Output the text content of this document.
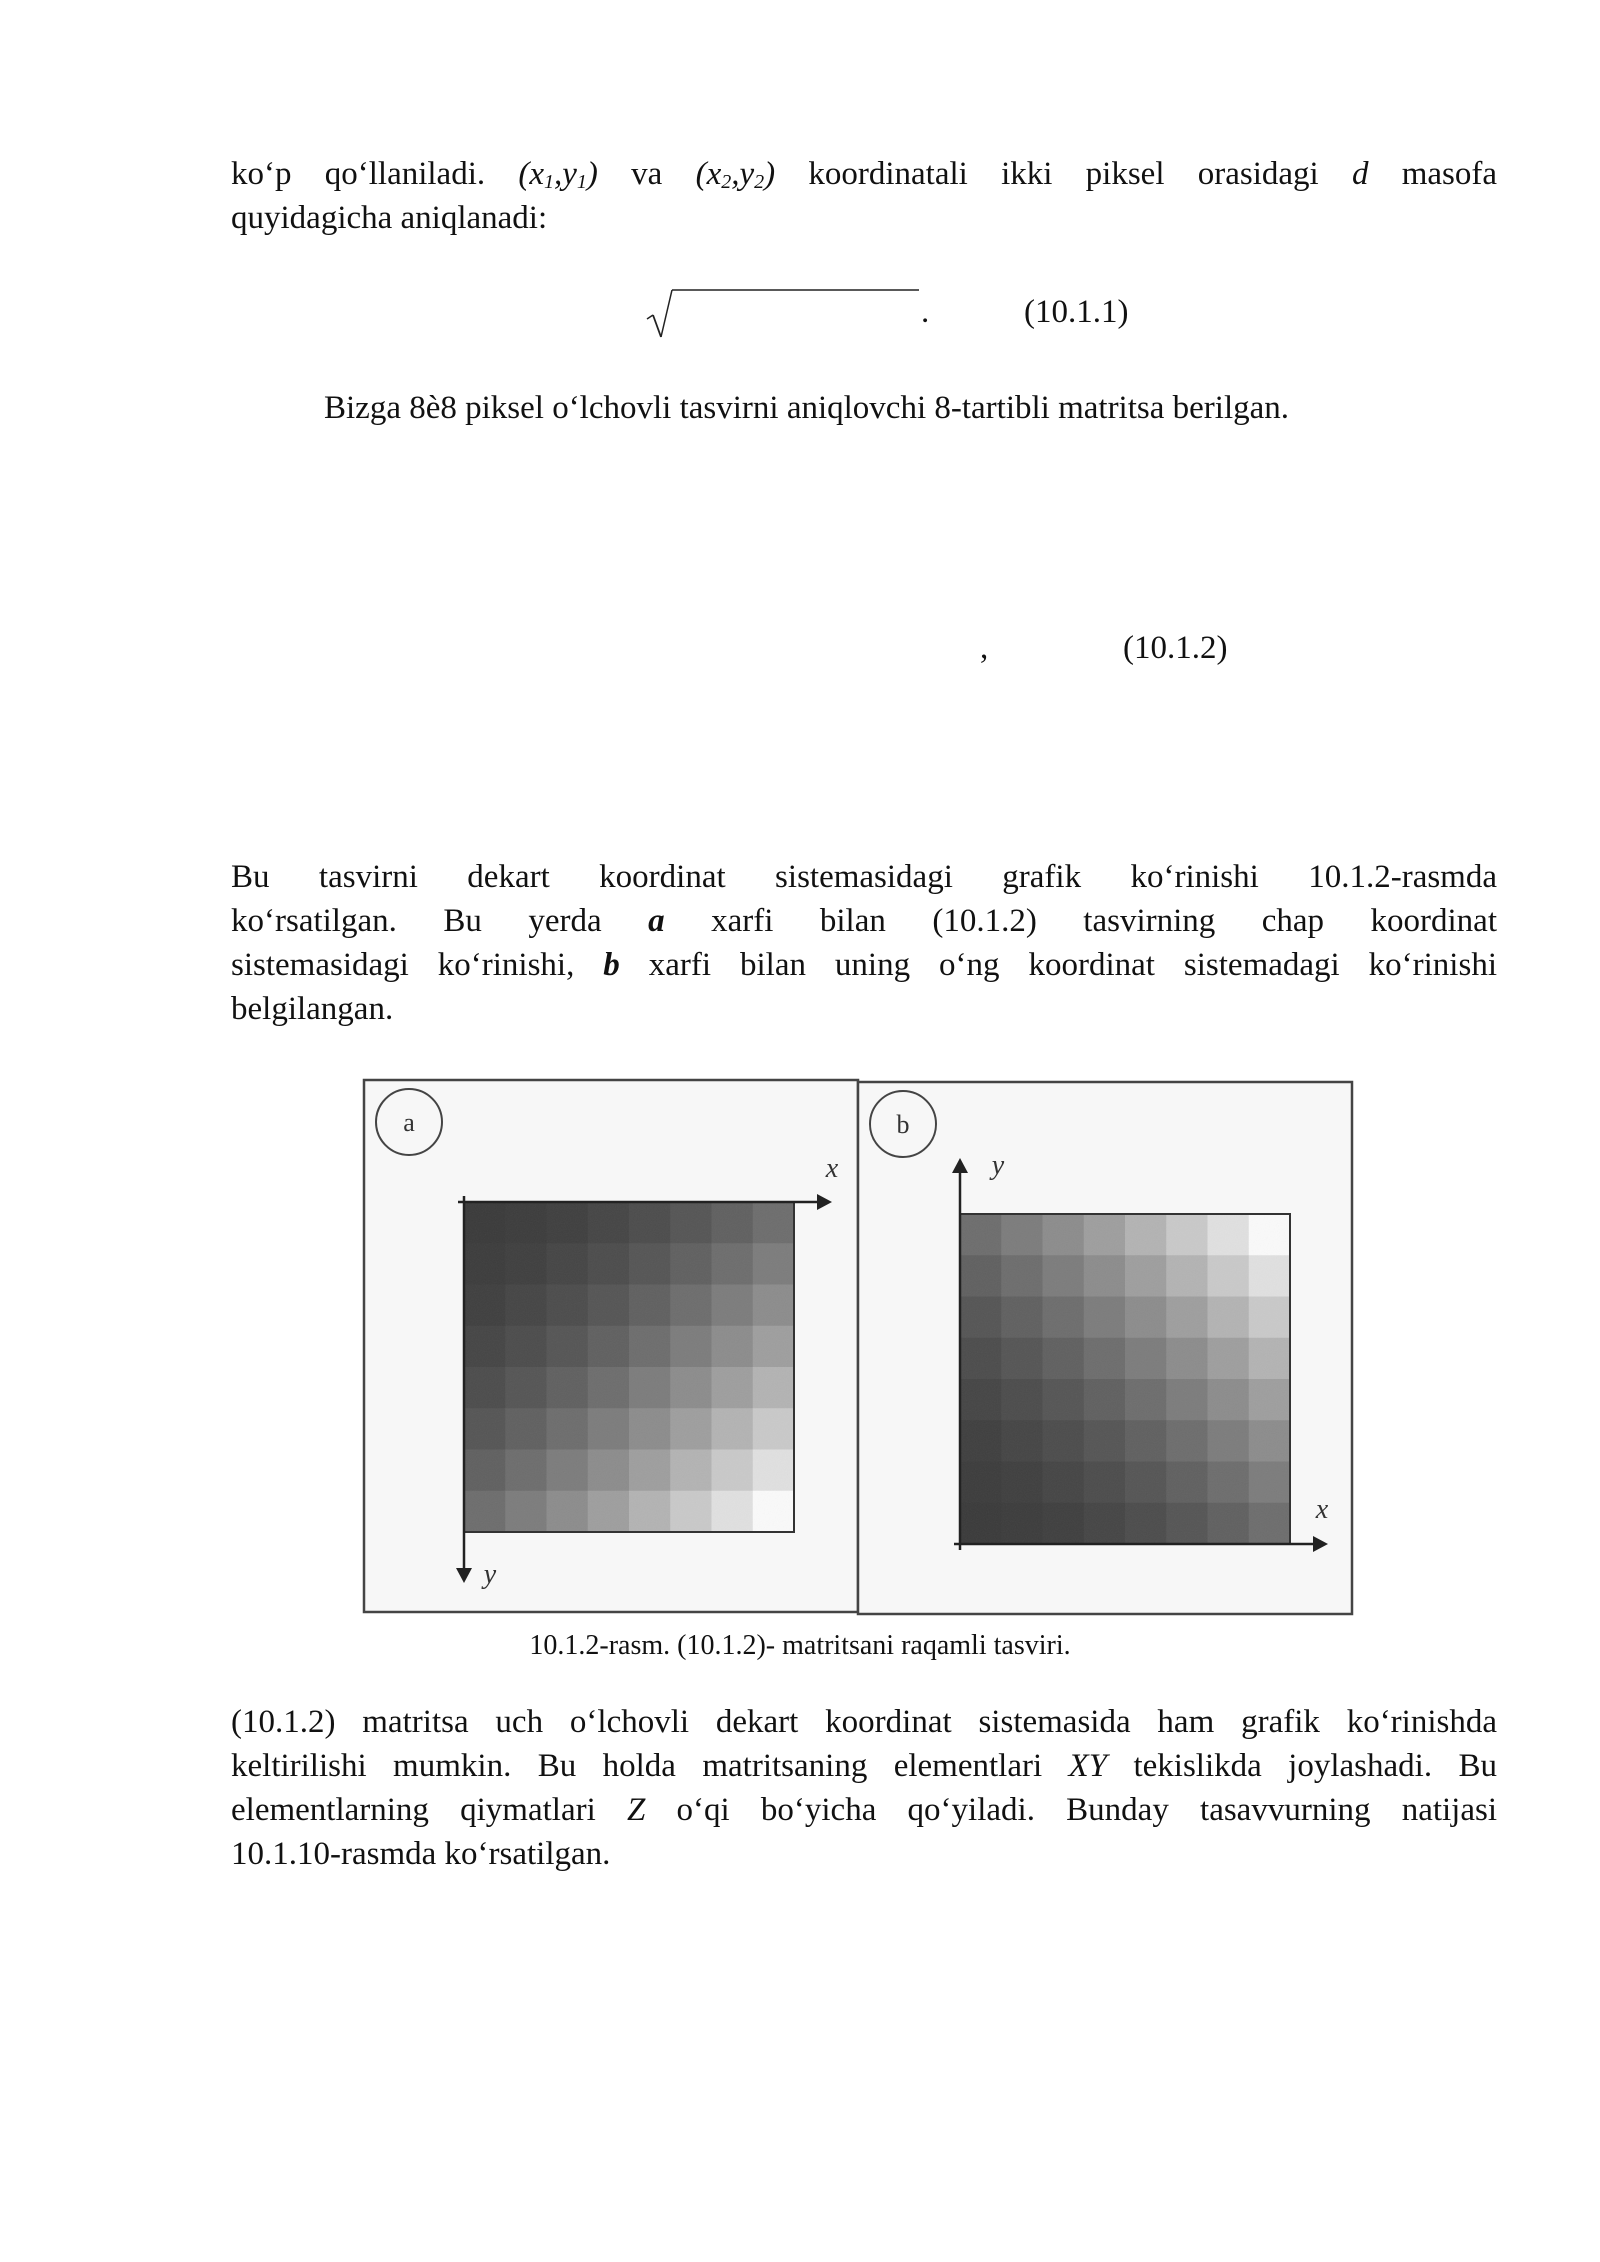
ko‘p qo‘llaniladi. $(x_1,y_1)$ va $(x_2,y_2)$ koordinatali ikki piksel orasidagi d masofa
quyidagicha aniqlanadi:
.	(10.1.1)
Bizga 8è8 piksel o‘lchovli tasvirni aniqlovchi 8-tartibli matritsa berilgan.
,	(10.1.2)
Bu tasvirni dekart koordinat sistemasidagi grafik ko‘rinishi 10.1.2-rasmda
ko‘rsatilgan. Bu yerda a xarfi bilan (10.1.2) tasvirning chap koordinat
sistemasidagi ko‘rinishi, b xarfi bilan uning o‘ng koordinat sistemadagi ko‘rinishi
belgilangan.
a
x
y
b
y
x
10.1.2-rasm. (10.1.2)- matritsani raqamli tasviri.
(10.1.2) matritsa uch o‘lchovli dekart koordinat sistemasida ham grafik ko‘rinishda
keltirilishi mumkin. Bu holda matritsaning elementlari XY tekislikda joylashadi. Bu
elementlarning qiymatlari Z o‘qi bo‘yicha qo‘yiladi. Bunday tasavvurning natijasi
10.1.10-rasmda ko‘rsatilgan.
